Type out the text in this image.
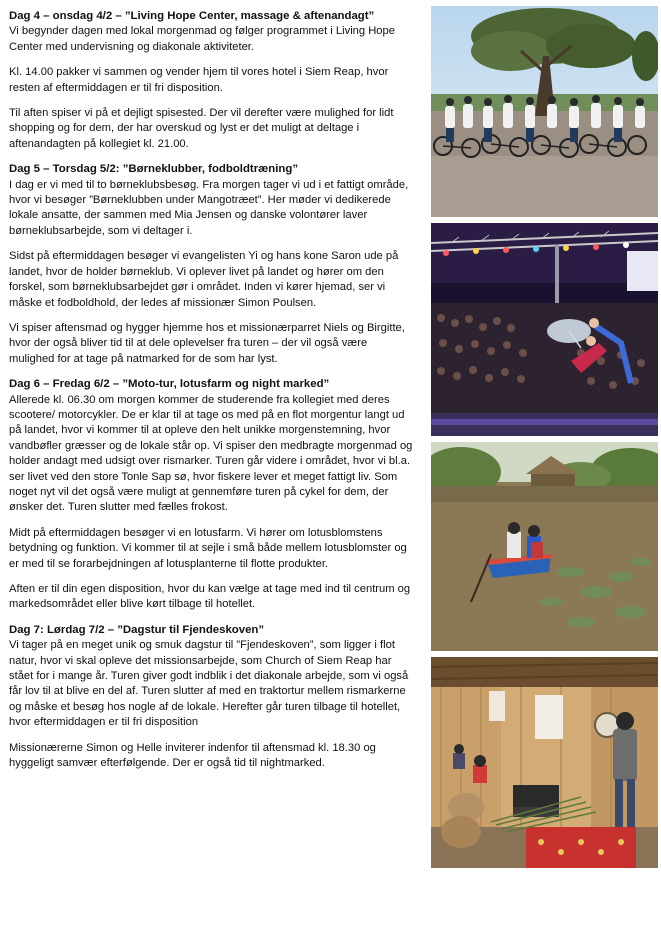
Dag 4 – onsdag 4/2 – ”Living Hope Center, massage & aftenandagt”

Vi begynder dagen med lokal morgenmad og følger programmet i Living Hope Center med undervisning og diakonale aktiviteter.

Kl. 14.00 pakker vi sammen og vender hjem til vores hotel i Siem Reap, hvor resten af eftermiddagen er til fri disposition.

Til aften spiser vi på et dejligt spisested. Der vil derefter være mulighed for lidt shopping og for dem, der har overskud og lyst er det muligt at deltage i aftenandagten på kollegiet kl. 21.00.

Dag 5 – Torsdag 5/2: ”Børneklubber, fodboldtræning”

I dag er vi med til to børneklubsbesøg. Fra morgen tager vi ud i et fattigt område, hvor vi besøger ”Børneklubben under Mangotræet”. Her møder vi dedikerede lokale ansatte, der sammen med Mia Jensen og danske volontører laver børneklubsarbejde, som vi deltager i.

Sidst på eftermiddagen besøger vi evangelisten Yi og hans kone Saron ude på landet, hvor de holder børneklub. Vi oplever livet på landet og hører om den forskel, som børneklubsarbejdet gør i området. Inden vi kører hjemad, ser vi måske et fodboldhold, der ledes af missionær Simon Poulsen.

Vi spiser aftensmad og hygger hjemme hos et missionærparret Niels og Birgitte, hvor der også bliver tid til at dele oplevelser fra turen – der vil også være mulighed for at tage på natmarked for de som har lyst.

Dag 6 – Fredag 6/2 – ”Moto-tur, lotusfarm og night marked”

Allerede kl. 06.30 om morgen kommer de studerende fra kollegiet med deres scootere/ motorcykler. De er klar til at tage os med på en flot morgentur langt ud på landet, hvor vi kommer til at opleve den helt unikke morgenstemning, hvor vandbøfler græsser og de lokale står op. Vi spiser den medbragte morgenmad og holder andagt med udsigt over rismarker. Turen går videre i området, hvor vi bl.a. ser livet ved den store Tonle Sap sø, hvor fiskere lever et meget fattigt liv. Som noget nyt vil det også være muligt at gennemføre turen på cykel for dem, der ønsker det. Turen slutter med fælles frokost.

Midt på eftermiddagen besøger vi en lotusfarm. Vi hører om lotusblomstens betydning og funktion. Vi kommer til at sejle i små både mellem lotusblomster og er med til se forarbejdningen af lotusplanterne til flotte produkter.

Aften er til din egen disposition, hvor du kan vælge at tage med ind til centrum og markedsområdet eller blive kørt tilbage til hotellet.

Dag 7: Lørdag 7/2 – ”Dagstur til Fjendeskoven”

Vi tager på en meget unik og smuk dagstur til ”Fjendeskoven”, som ligger i flot natur, hvor vi skal opleve det missionsarbejde, som Church of Siem Reap har stået for i mange år. Turen giver godt indblik i det diakonale arbejde, som vi også får lov til at blive en del af. Turen slutter af med en traktortur mellem rismarkerne og måske et besøg hos nogle af de lokale. Herefter går turen tilbage til hotellet, hvor eftermiddagen er til fri disposition

Missionærerne Simon og Helle inviterer indenfor til aftensmad kl. 18.30 og hyggeligt samvær efterfølgende. Der er også tid til nightmarked.
